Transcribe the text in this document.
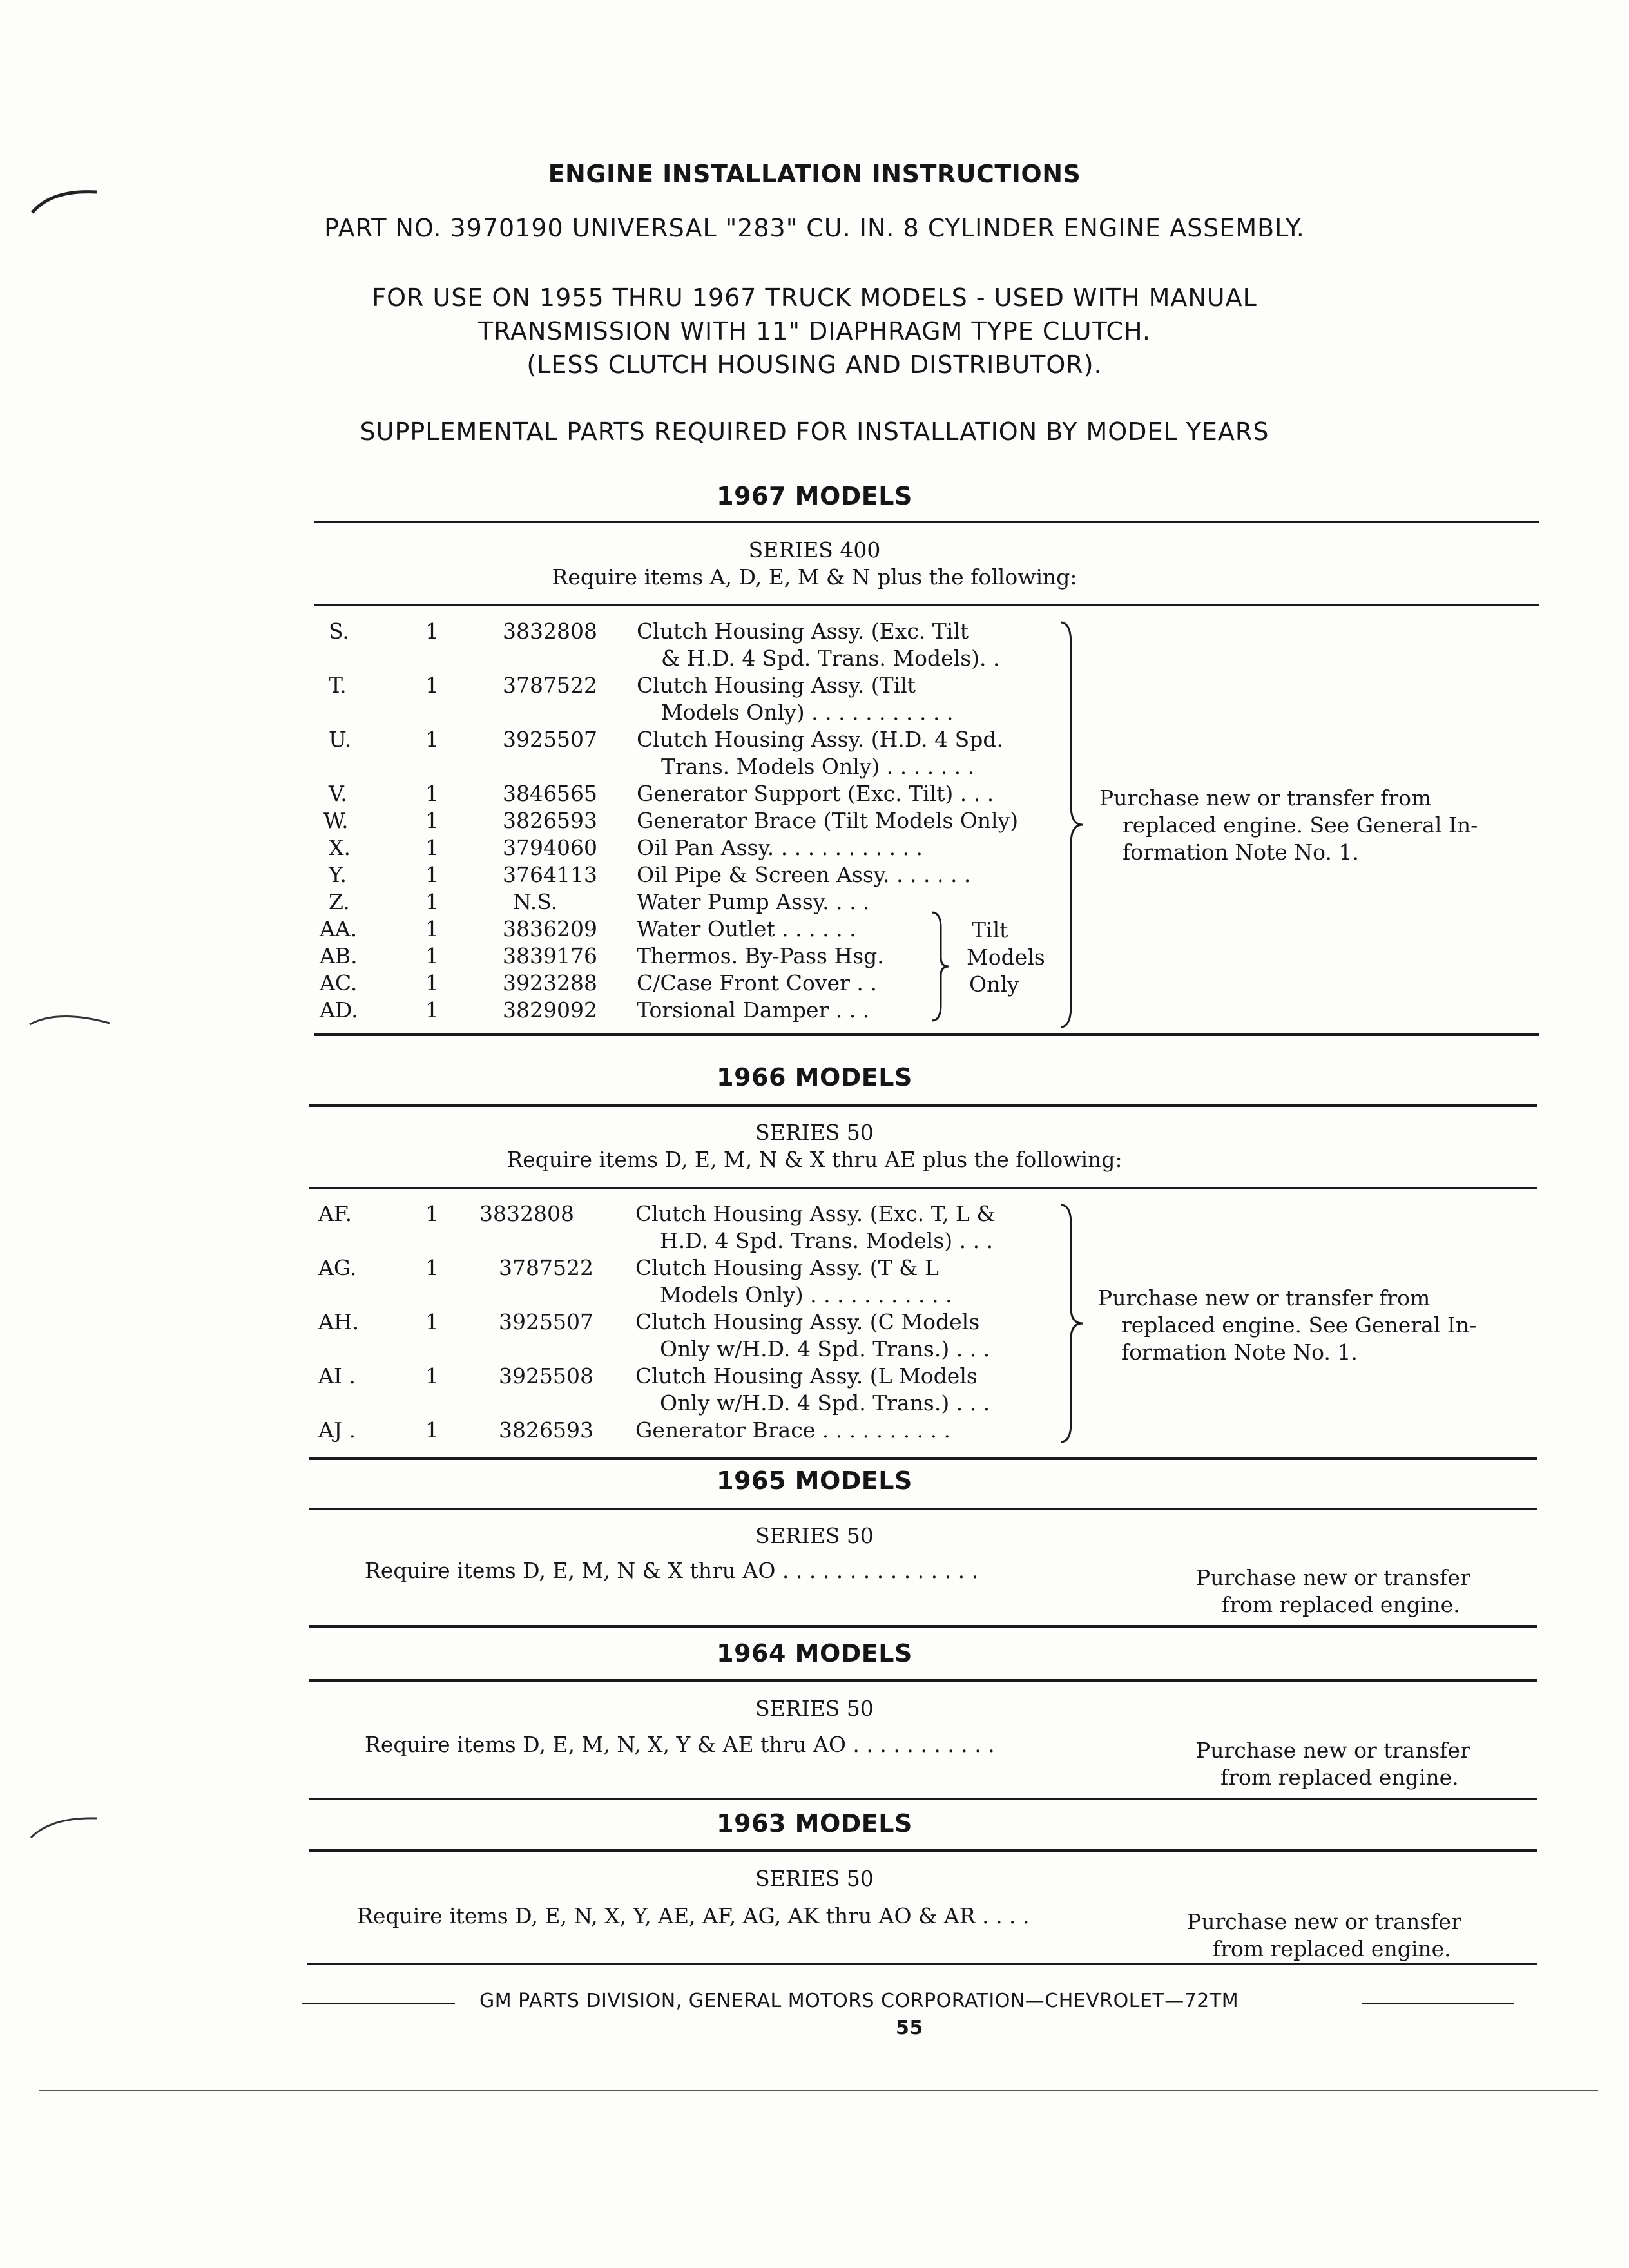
ENGINE INSTALLATION INSTRUCTIONS
PART NO. 3970190 UNIVERSAL "283" CU. IN. 8 CYLINDER ENGINE ASSEMBLY.
FOR USE ON 1955 THRU 1967 TRUCK MODELS - USED WITH MANUAL
TRANSMISSION WITH 11" DIAPHRAGM TYPE CLUTCH.
(LESS CLUTCH HOUSING AND DISTRIBUTOR).
SUPPLEMENTAL PARTS REQUIRED FOR INSTALLATION BY MODEL YEARS
1967 MODELS
SERIES 400
Require items A, D, E, M & N plus the following:
S.	1	3832808 Clutch Housing Assy. (Exc. Tilt
& H.D. 4 Spd. Trans. Models). .
T.	1	3787522 Clutch Housing Assy. (Tilt
Models Only) . . . . . . . . . . .
U.	1	3925507 Clutch Housing Assy. (H.D. 4 Spd.
Trans. Models Only) . . . . . . .
V.	1	3846565 Generator Support (Exc. Tilt) . . .
W.	1	3826593 Generator Brace (Tilt Models Only)
X.	1	3794060 Oil Pan Assy. . . . . . . . . . . .
Y.	1	3764113 Oil Pipe & Screen Assy. . . . . . .
Z.	1	N.S.	Water Pump Assy. . . .
AA.	1	3836209 Water Outlet . . . . . .
AB.	1	3839176 Thermos. By-Pass Hsg.
AC.	1	3923288 C/Case Front Cover . .
AD.	1	3829092 Torsional Damper . . .
Tilt
Models
Only
Purchase new or transfer from
replaced engine. See General In-
formation Note No. 1.
1966 MODELS
SERIES 50
Require items D, E, M, N & X thru AE plus the following:
AF.	1 3832808	Clutch Housing Assy. (Exc. T, L &
H.D. 4 Spd. Trans. Models) . . .
AG.	1	3787522 Clutch Housing Assy. (T & L
Models Only) . . . . . . . . . . .
AH.	1	3925507 Clutch Housing Assy. (C Models
Only w/H.D. 4 Spd. Trans.) . . .
AI .	1	3925508 Clutch Housing Assy. (L Models
Only w/H.D. 4 Spd. Trans.) . . .
AJ .	1	3826593 Generator Brace . . . . . . . . . .
Purchase new or transfer from
replaced engine. See General In-
formation Note No. 1.
1965 MODELS
SERIES 50
Require items D, E, M, N & X thru AO . . . . . . . . . . . . . . .	Purchase new or transfer
from replaced engine.
1964 MODELS
SERIES 50
Require items D, E, M, N, X, Y & AE thru AO . . . . . . . . . . .	Purchase new or transfer
from replaced engine.
1963 MODELS
SERIES 50
Require items D, E, N, X, Y, AE, AF, AG, AK thru AO & AR . . . .	Purchase new or transfer
from replaced engine.
GM PARTS DIVISION, GENERAL MOTORS CORPORATION—CHEVROLET—72TM
55
